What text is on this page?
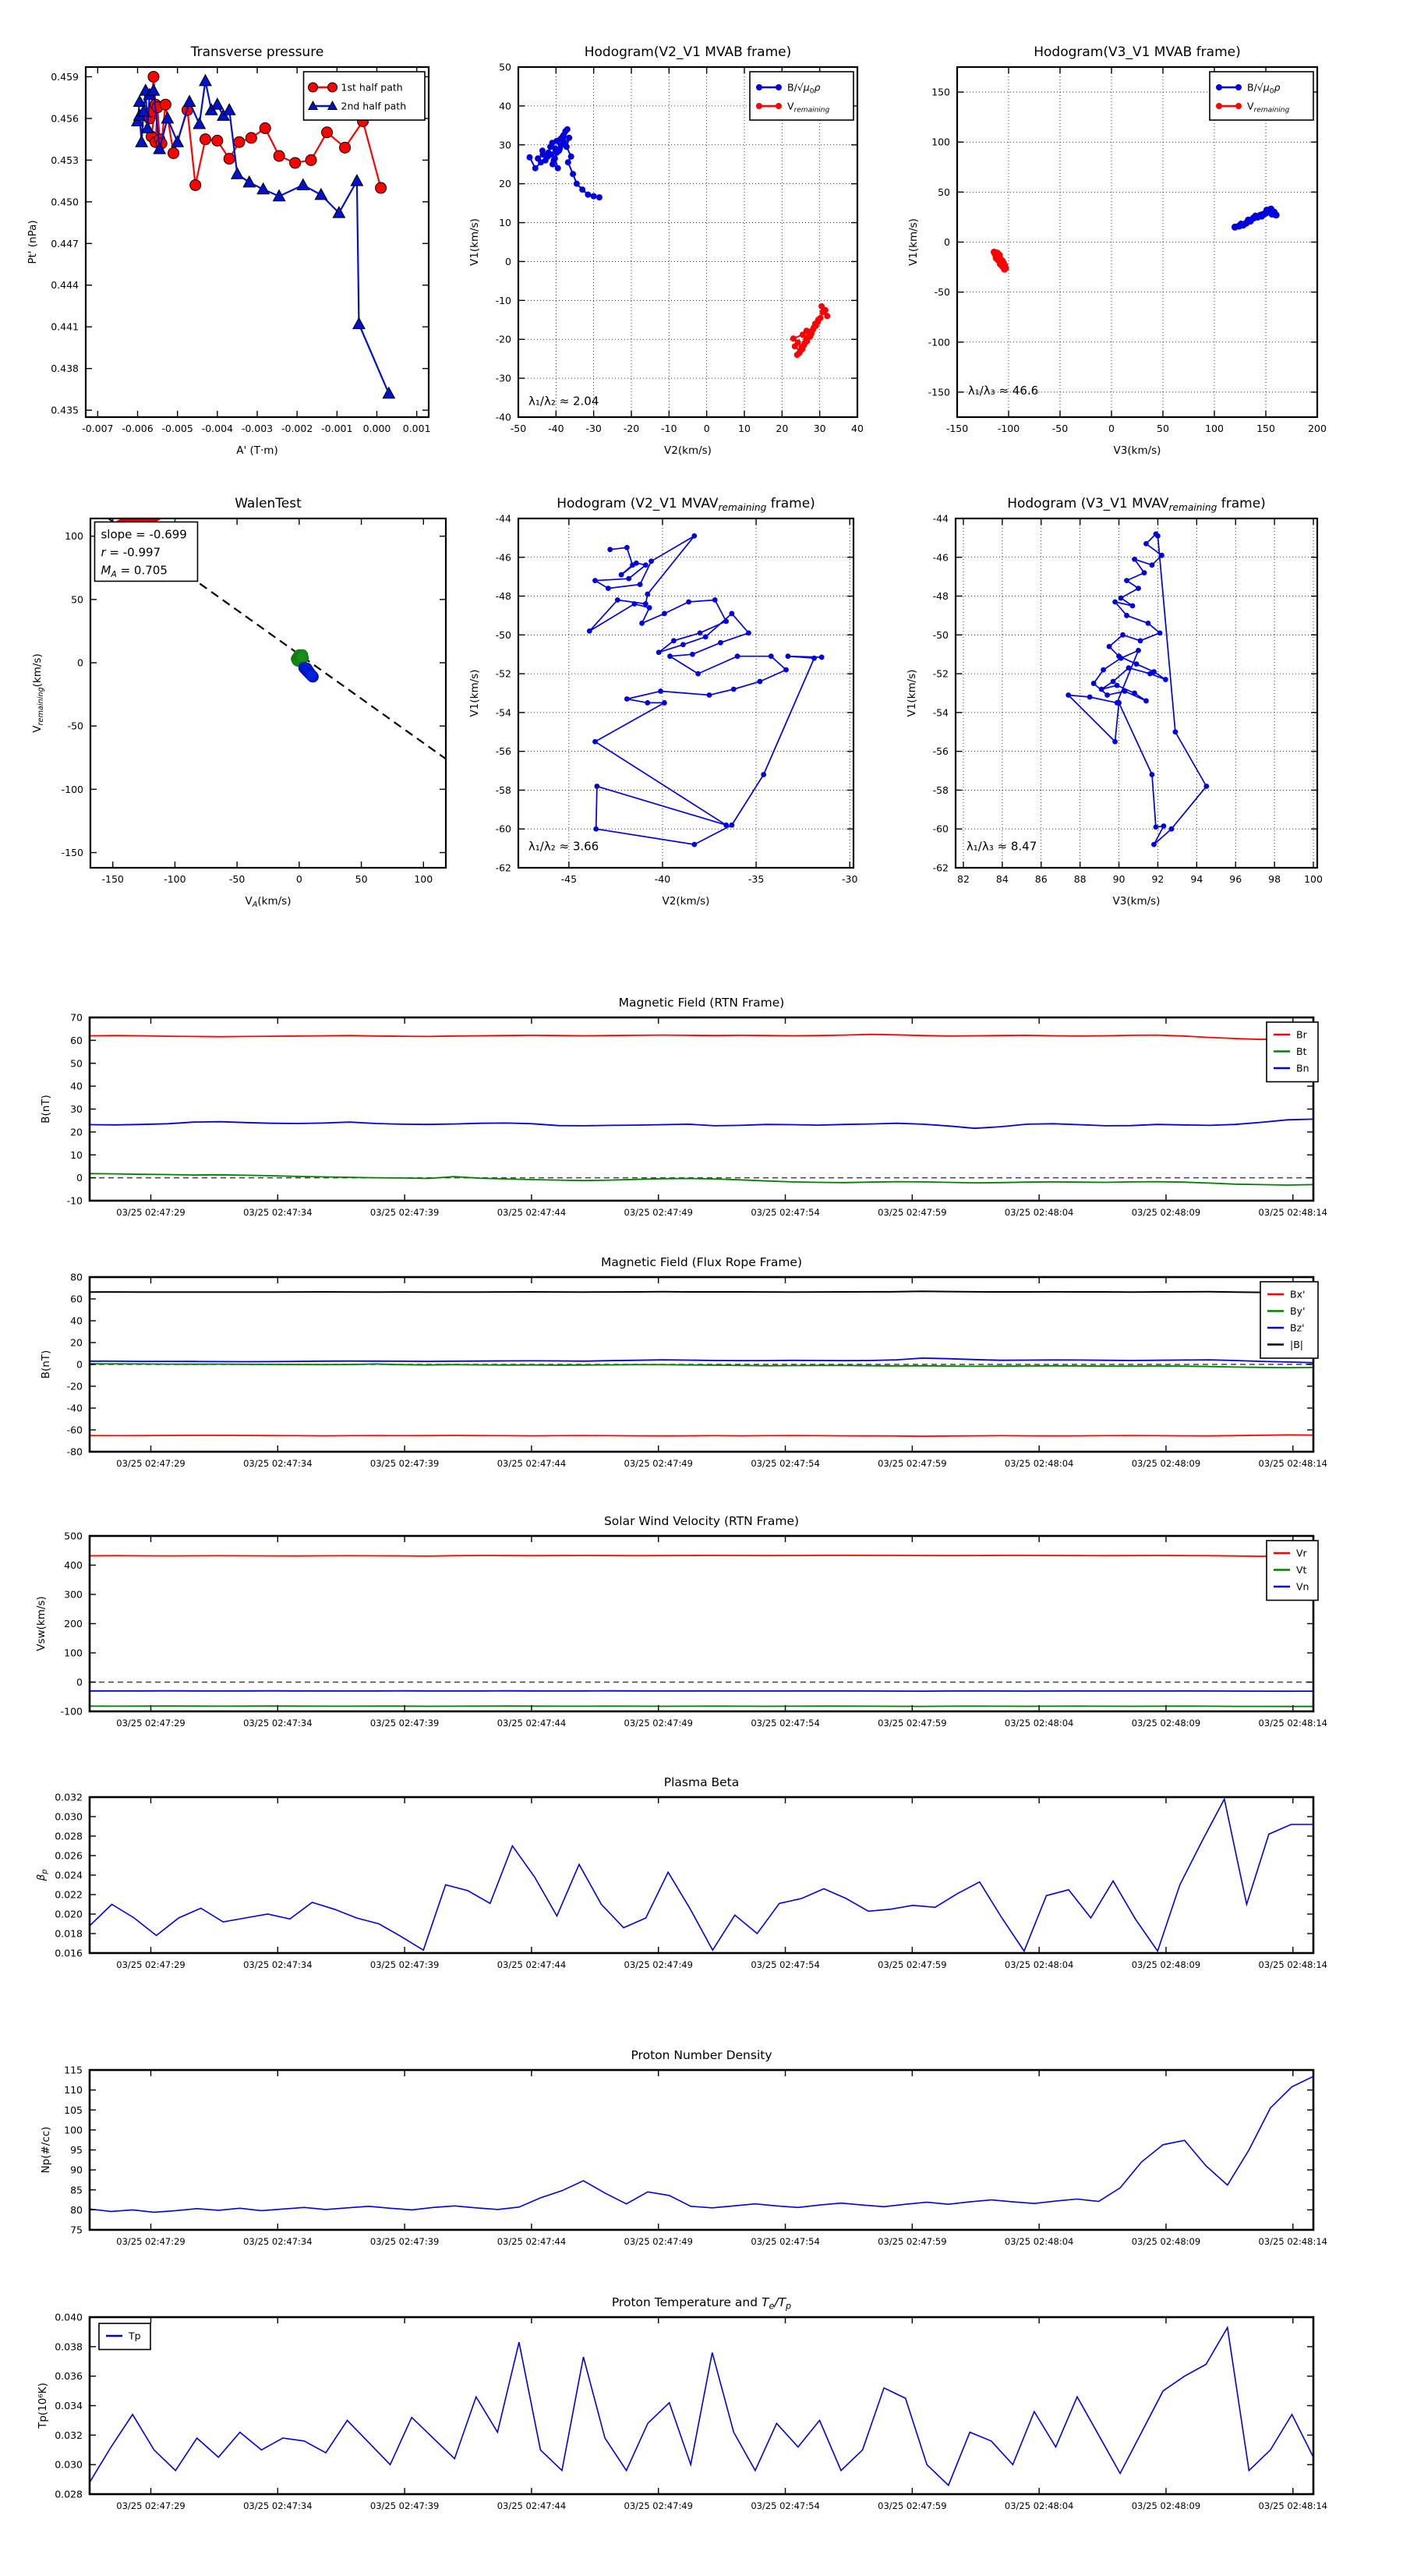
-0.007 -0.006 -0.005 -0.004 -0.003 -0.002 -0.001 0.000 0.001
0.435
0.438
0.441
0.444
0.447
0.450
0.453
0.456
0.459
Transverse pressure
A' (T·m)
Pt' (nPa)
1st half path
2nd half path
-50 -40 -30 -20 -10	0	10	20	30	40
-40
-30
-20
-10
0
10
20
30
40
50
Hodogram(V2_V1 MVAB frame)
V2(km/s)
V1(km/s)
$B/√\mu_0\rho$
$V_{remaining}$
λ₁/λ₂ ≈ 2.04
-150	-100	-50	0	50	100	150	200
-150
-100
-50
0
50
100
150
Hodogram(V3_V1 MVAB frame)
V3(km/s)
V1(km/s)
$B/√\mu_0\rho$
$V_{remaining}$
λ₁/λ₃ ≈ 46.6
-150	-100	-50	0	50	100
-150
-100
-50
0
50
100
WalenTest
$V_A(km/s)$
$V_{remaining}(km/s)$
slope = -0.699
r = -0.997
$M_A = 0.705$
-45	-40	-35	-30
-62
-60
-58
-56
-54
-52
-50
-48
-46
-44
Hodogram (V2_V1 $MVAV_{remaining}$ frame)
V2(km/s)
V1(km/s)
λ₁/λ₂ ≈ 3.66
82	84	86	88	90	92	94	96	98 100
-62
-60
-58
-56
-54
-52
-50
-48
-46
-44
Hodogram (V3_V1 $MVAV_{remaining}$ frame)
V3(km/s)
V1(km/s)
λ₁/λ₃ ≈ 8.47
03/25 02:47:29	03/25 02:47:34	03/25 02:47:39	03/25 02:47:44	03/25 02:47:49	03/25 02:47:54	03/25 02:47:59	03/25 02:48:04	03/25 02:48:09	03/25 02:48:14
-10
0
10
20
30
40
50
60
70
Magnetic Field (RTN Frame)
B(nT)
Br
Bt
Bn
03/25 02:47:29	03/25 02:47:34	03/25 02:47:39	03/25 02:47:44	03/25 02:47:49	03/25 02:47:54	03/25 02:47:59	03/25 02:48:04	03/25 02:48:09	03/25 02:48:14
-80
-60
-40
-20
0
20
40
60
80
Magnetic Field (Flux Rope Frame)
B(nT)
Bx'
By'
Bz'
|B|
03/25 02:47:29	03/25 02:47:34	03/25 02:47:39	03/25 02:47:44	03/25 02:47:49	03/25 02:47:54	03/25 02:47:59	03/25 02:48:04	03/25 02:48:09	03/25 02:48:14
-100
0
100
200
300
400
500
Solar Wind Velocity (RTN Frame)
Vsw(km/s)
Vr
Vt
Vn
03/25 02:47:29	03/25 02:47:34	03/25 02:47:39	03/25 02:47:44	03/25 02:47:49	03/25 02:47:54	03/25 02:47:59	03/25 02:48:04	03/25 02:48:09	03/25 02:48:14
0.016
0.018
0.020
0.022
0.024
0.026
0.028
0.030
0.032
Plasma Beta
$\beta_p$
03/25 02:47:29	03/25 02:47:34	03/25 02:47:39	03/25 02:47:44	03/25 02:47:49	03/25 02:47:54	03/25 02:47:59	03/25 02:48:04	03/25 02:48:09	03/25 02:48:14
75
80
85
90
95
100
105
110
115
Proton Number Density
Np(#/cc)
03/25 02:47:29	03/25 02:47:34	03/25 02:47:39	03/25 02:47:44	03/25 02:47:49	03/25 02:47:54	03/25 02:47:59	03/25 02:48:04	03/25 02:48:09	03/25 02:48:14
0.028
0.030
0.032
0.034
0.036
0.038
0.040
Proton Temperature and $T_e/T_p$
Tp(10⁶K)
Tp
